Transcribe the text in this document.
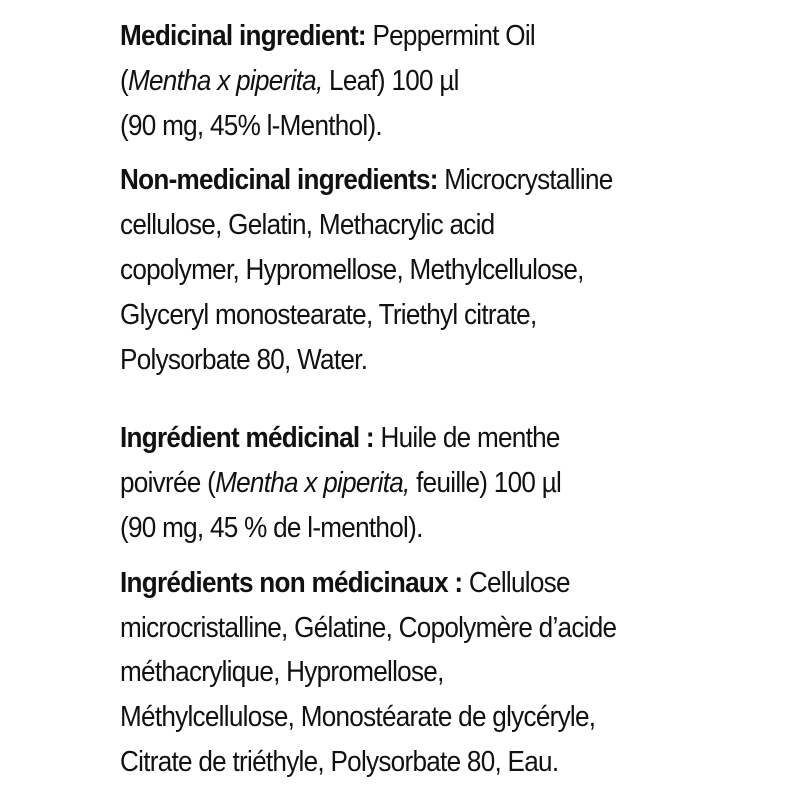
Medicinal ingredient: Peppermint Oil
(Mentha x piperita, Leaf) 100 µl
(90 mg, 45% l-Menthol).
Non-medicinal ingredients: Microcrystalline
cellulose, Gelatin, Methacrylic acid
copolymer, Hypromellose, Methylcellulose,
Glyceryl monostearate, Triethyl citrate,
Polysorbate 80, Water.
Ingrédient médicinal : Huile de menthe
poivrée (Mentha x piperita, feuille) 100 µl
(90 mg, 45 % de l-menthol).
Ingrédients non médicinaux : Cellulose
microcristalline, Gélatine, Copolymère d’acide
méthacrylique, Hypromellose,
Méthylcellulose, Monostéarate de glycéryle,
Citrate de triéthyle, Polysorbate 80, Eau.
